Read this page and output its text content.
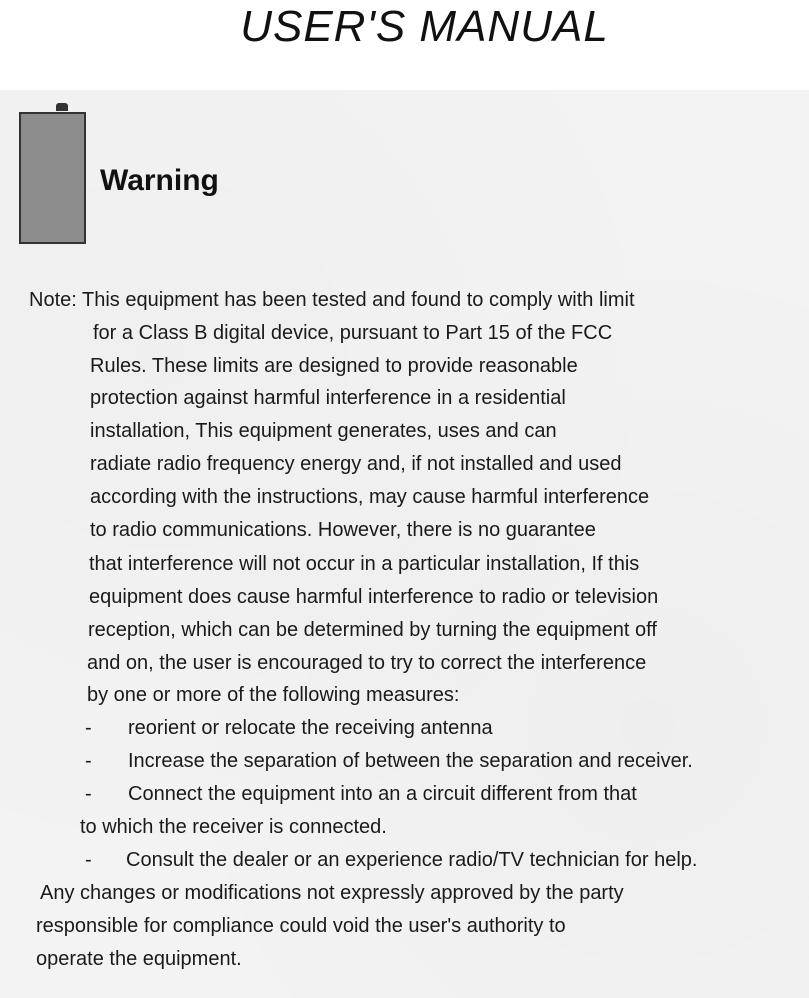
USER'S MANUAL
Warning
Note: This equipment has been tested and found to comply with limit
for a Class B digital device, pursuant to Part 15 of the FCC
Rules. These limits are designed to provide reasonable
protection against harmful interference in a residential
installation, This equipment generates, uses and can
radiate radio frequency energy and, if not installed and used
according with the instructions, may cause harmful interference
to radio communications. However, there is no guarantee
that interference will not occur in a particular installation, If this
equipment does cause harmful interference to radio or television
reception, which can be determined by turning the equipment off
and on, the user is encouraged to try to correct the interference
by one or more of the following measures:
- reorient or relocate the receiving antenna
- Increase the separation of between the separation and receiver.
- Connect the equipment into an a circuit different from that
to which the receiver is connected.
- Consult the dealer or an experience radio/TV technician for help.
Any changes or modifications not expressly approved by the party
responsible for compliance could void the user's authority to
operate the equipment.
